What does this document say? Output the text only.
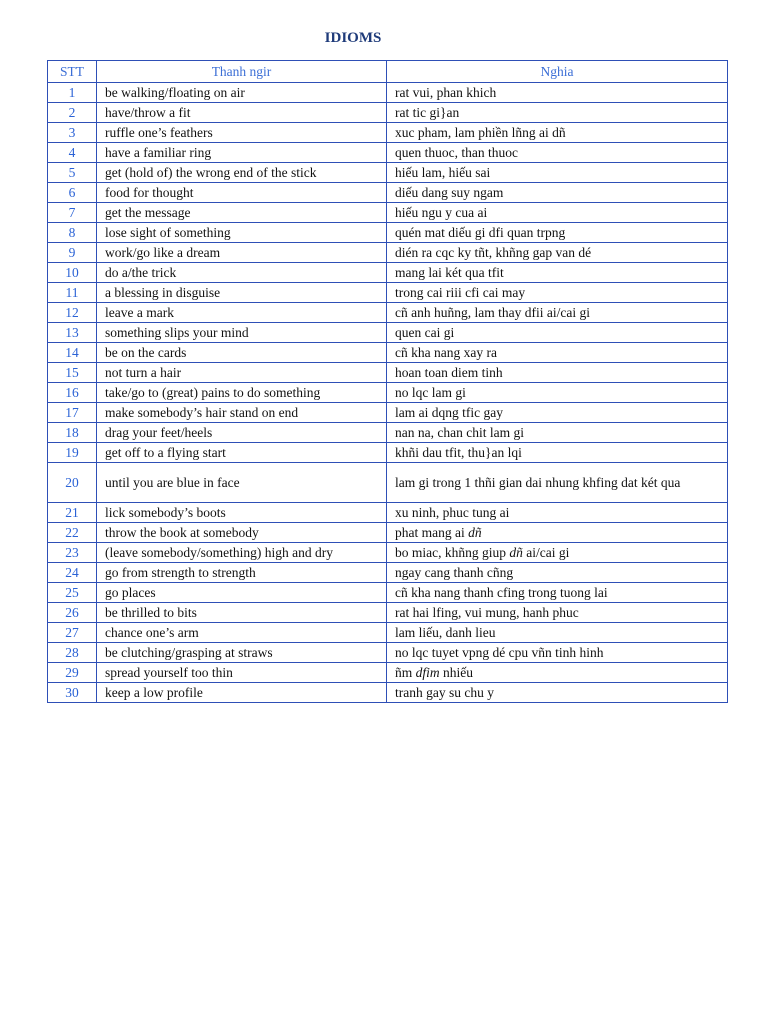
IDIOMS
STT	Thanh ngir	Nghia
1	be walking/floating on air	rat vui, phan khich
2	have/throw a fit	rat tic gi}an
3	ruffle one’s feathers	xuc pham, lam phiền lñng ai dñ
4	have a familiar ring	quen thuoc, than thuoc
5	get (hold of) the wrong end of the stick	hiếu lam, hiếu sai
6	food for thought	diếu dang suy ngam
7	get the message	hiếu ngu y cua ai
8	lose sight of something	quén mat diếu gi dfi quan trpng
9	work/go like a dream	dién ra cqc ky tñt, khñng gap van dé
10	do a/the trick	mang lai két qua tfit
11	a blessing in disguise	trong cai riii cfi cai may
12	leave a mark	cñ anh huñng, lam thay dfii ai/cai gi
13	something slips your mind	quen cai gi
14	be on the cards	cñ kha nang xay ra
15	not turn a hair	hoan toan diem tinh
16	take/go to (great) pains to do something	no lqc lam gi
17	make somebody’s hair stand on end	lam ai dqng tfic gay
18	drag your feet/heels	nan na, chan chit lam gi
19	get off to a flying start	khñi dau tfit, thu}an lqi
20	until you are blue in face	lam gi trong 1 thñi gian dai nhung khfing dat két qua
21	lick somebody’s boots	xu ninh, phuc tung ai
22	throw the book at somebody	phat mang ai dñ
23	(leave somebody/something) high and dry	bo miac, khñng giup dñ ai/cai gi
24	go from strength to strength	ngay cang thanh cñng
25	go places	cñ kha nang thanh cfing trong tuong lai
26	be thrilled to bits	rat hai lfing, vui mung, hanh phuc
27	chance one’s arm	lam liếu, danh lieu
28	be clutching/grasping at straws	no lqc tuyet vpng dé cpu vñn tinh hinh
29	spread yourself too thin	ñm dfim nhiếu
30	keep a low profile	tranh gay su chu y
